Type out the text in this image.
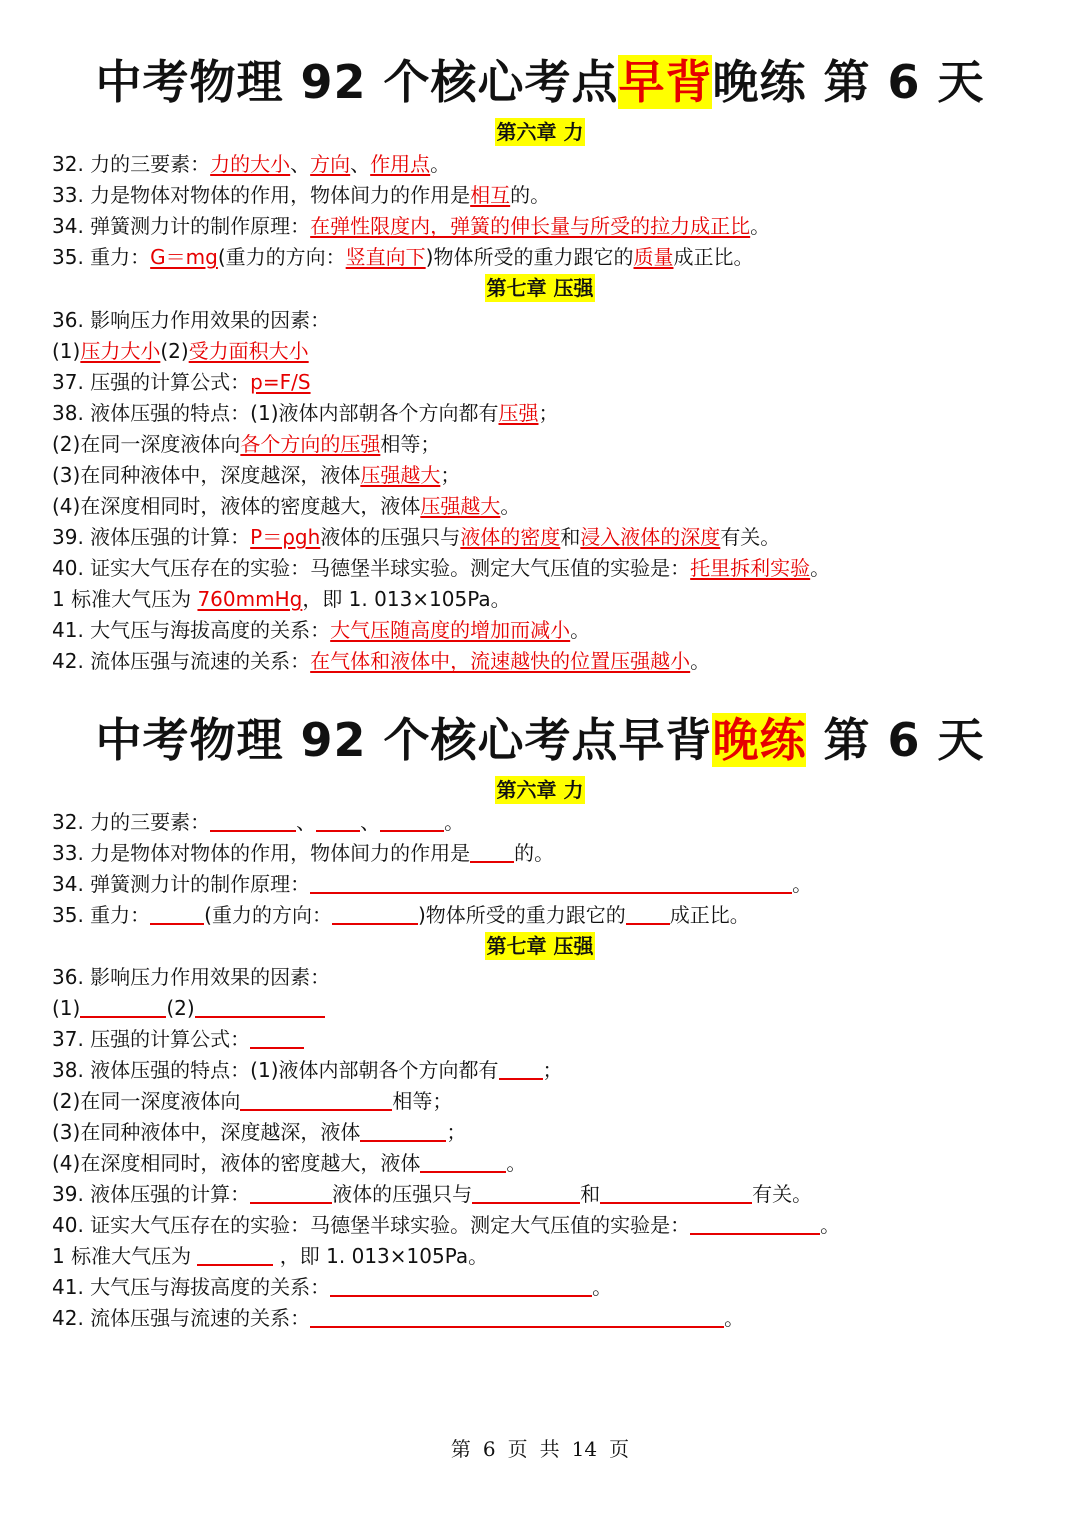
中考物理 92 个核心考点早背晚练 第 6 天
第六章 力
32. 力的三要素：力的大小、方向、作用点。
33. 力是物体对物体的作用，物体间力的作用是相互的。
34. 弹簧测力计的制作原理：在弹性限度内，弹簧的伸长量与所受的拉力成正比。
35. 重力：G＝mg(重力的方向：竖直向下)物体所受的重力跟它的质量成正比。
第七章 压强
36. 影响压力作用效果的因素：
(1)压力大小(2)受力面积大小
37. 压强的计算公式：p=F/S
38. 液体压强的特点：(1)液体内部朝各个方向都有压强；
(2)在同一深度液体向各个方向的压强相等；
(3)在同种液体中，深度越深，液体压强越大；
(4)在深度相同时，液体的密度越大，液体压强越大。
39. 液体压强的计算：P＝ρgh液体的压强只与液体的密度和浸入液体的深度有关。
40. 证实大气压存在的实验：马德堡半球实验。测定大气压值的实验是：托里拆利实验。
1 标准大气压为 760mmHg，即 1. 013×105Pa。
41. 大气压与海拔高度的关系：大气压随高度的增加而减小。
42. 流体压强与流速的关系：在气体和液体中，流速越快的位置压强越小。
中考物理 92 个核心考点早背晚练 第 6 天
第六章 力
32. 力的三要素：	、 、	。
33. 力是物体对物体的作用，物体间力的作用是 的。
34. 弹簧测力计的制作原理：	。
35. 重力：	(重力的方向：	)物体所受的重力跟它的 成正比。
第七章 压强
36. 影响压力作用效果的因素：
(1)	(2)
37. 压强的计算公式：
38. 液体压强的特点：(1)液体内部朝各个方向都有 ；
(2)在同一深度液体向	相等；
(3)在同种液体中，深度越深，液体	；
(4)在深度相同时，液体的密度越大，液体	。
39. 液体压强的计算：	液体的压强只与	和	有关。
40. 证实大气压存在的实验：马德堡半球实验。测定大气压值的实验是：	。
1 标准大气压为	，即 1. 013×105Pa。
41. 大气压与海拔高度的关系：	。
42. 流体压强与流速的关系：	。
第 6 页 共 14 页
